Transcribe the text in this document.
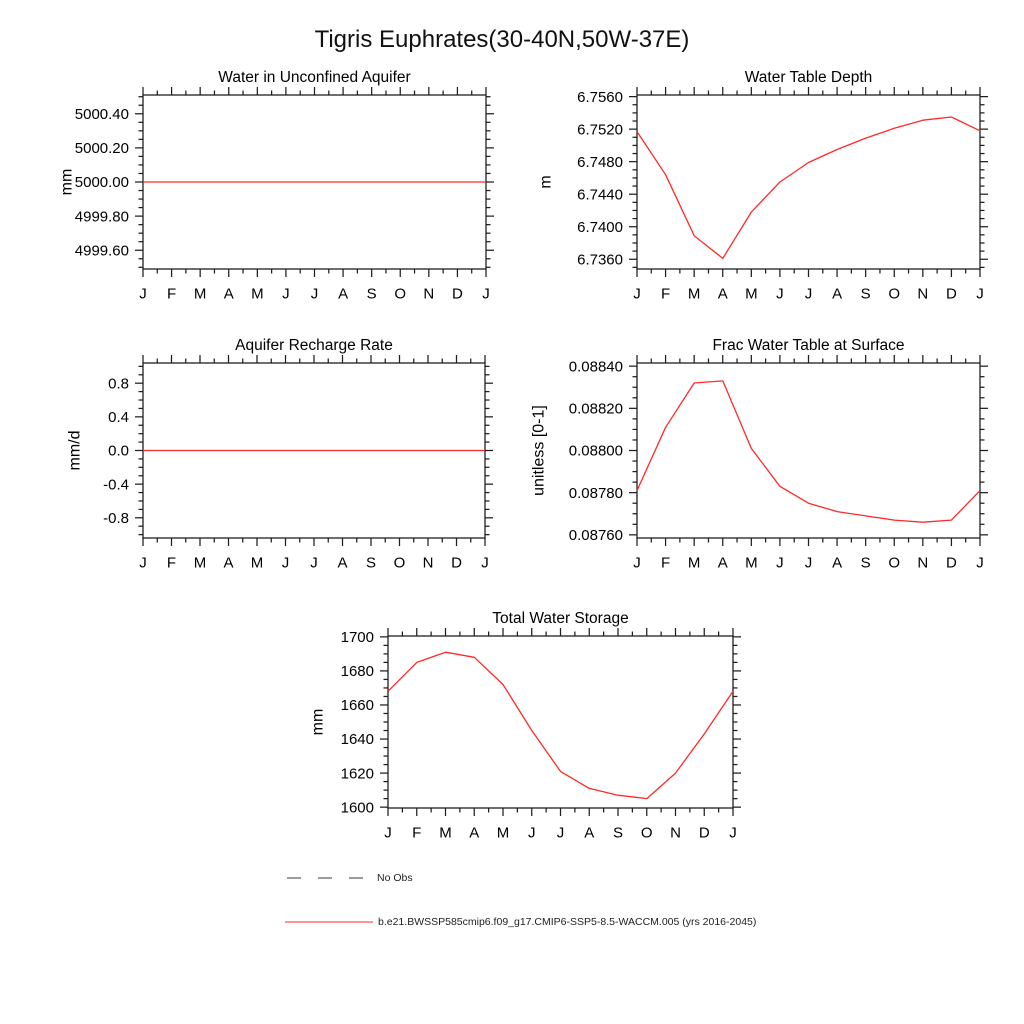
Tigris Euphrates(30-40N,50W-37E)
4999.60
4999.80
5000.00
5000.20
5000.40
J F M A M J J A S O N D J
Water in Unconfined Aquifer
mm
6.7360
6.7400
6.7440
6.7480
6.7520
6.7560
J F M A M J J A S O N D J
Water Table Depth
m
-0.8
-0.4
0.0
0.4
0.8
J F M A M J J A S O N D J
Aquifer Recharge Rate
mm/d
0.08760
0.08780
0.08800
0.08820
0.08840
J F M A M J J A S O N D J
Frac Water Table at Surface
unitless [0-1]
1600
1620
1640
1660
1680
1700
J F M A M J J A S O N D J
Total Water Storage
mm
No Obs
b.e21.BWSSP585cmip6.f09_g17.CMIP6-SSP5-8.5-WACCM.005 (yrs 2016-2045)
